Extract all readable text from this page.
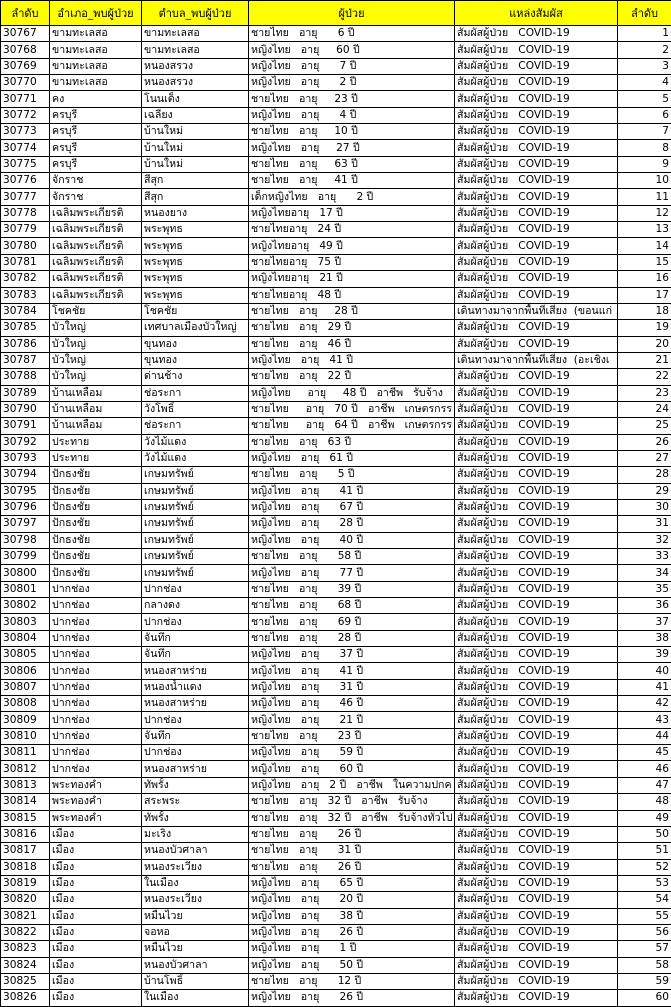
ลำดับ	อำเภอ_พบผู้ป่วย	ตำบล_พบผู้ป่วย	ผู้ป่วย	แหล่งสัมผัส	ลำดับ
30767	ขามทะเลสอ	ขามทะเลสอ	ชายไทย   อายุ      6 ปี	สัมผัสผู้ป่วย   COVID-19	1
30768	ขามทะเลสอ	ขามทะเลสอ	หญิงไทย   อายุ     60 ปี	สัมผัสผู้ป่วย   COVID-19	2
30769	ขามทะเลสอ	หนองสรวง	หญิงไทย   อายุ      7 ปี	สัมผัสผู้ป่วย   COVID-19	3
30770	ขามทะเลสอ	หนองสรวง	หญิงไทย   อายุ      2 ปี	สัมผัสผู้ป่วย   COVID-19	4
30771	คง	โนนเต็ง	ชายไทย   อายุ     23 ปี	สัมผัสผู้ป่วย   COVID-19	5
30772	ครบุรี	เฉลียง	หญิงไทย   อายุ      4 ปี	สัมผัสผู้ป่วย   COVID-19	6
30773	ครบุรี	บ้านใหม่	ชายไทย   อายุ     10 ปี	สัมผัสผู้ป่วย   COVID-19	7
30774	ครบุรี	บ้านใหม่	หญิงไทย   อายุ     27 ปี	สัมผัสผู้ป่วย   COVID-19	8
30775	ครบุรี	บ้านใหม่	ชายไทย   อายุ     63 ปี	สัมผัสผู้ป่วย   COVID-19	9
30776	จักราช	สีสุก	ชายไทย   อายุ     41 ปี	สัมผัสผู้ป่วย   COVID-19	10
30777	จักราช	สีสุก	เด็กหญิงไทย   อายุ      2 ปี	สัมผัสผู้ป่วย   COVID-19	11
30778	เฉลิมพระเกียรติ	หนองยาง	หญิงไทยอายุ   17 ปี	สัมผัสผู้ป่วย   COVID-19	12
30779	เฉลิมพระเกียรติ	พระพุทธ	ชายไทยอายุ   24 ปี	สัมผัสผู้ป่วย   COVID-19	13
30780	เฉลิมพระเกียรติ	พระพุทธ	หญิงไทยอายุ   49 ปี	สัมผัสผู้ป่วย   COVID-19	14
30781	เฉลิมพระเกียรติ	พระพุทธ	ชายไทยอายุ   75 ปี	สัมผัสผู้ป่วย   COVID-19	15
30782	เฉลิมพระเกียรติ	พระพุทธ	หญิงไทยอายุ   21 ปี	สัมผัสผู้ป่วย   COVID-19	16
30783	เฉลิมพระเกียรติ	พระพุทธ	ชายไทยอายุ   48 ปี	สัมผัสผู้ป่วย   COVID-19	17
30784	โชคชัย	โชคชัย	ชายไทย   อายุ     28 ปี	เดินทางมาจากพื้นที่เสี่ยง  (ขอนแก่	18
30785	บัวใหญ่	เทศบาลเมืองบัวใหญ่	ชายไทย   อายุ   29 ปี	สัมผัสผู้ป่วย   COVID-19	19
30786	บัวใหญ่	ขุนทอง	ชายไทย   อายุ   46 ปี	สัมผัสผู้ป่วย   COVID-19	20
30787	บัวใหญ่	ขุนทอง	หญิงไทย   อายุ   41 ปี	เดินทางมาจากพื้นที่เสี่ยง  (อะเชิงเ	21
30788	บัวใหญ่	ด่านช้าง	ชายไทย   อายุ   22 ปี	สัมผัสผู้ป่วย   COVID-19	22
30789	บ้านเหลื่อม	ช่อระกา	หญิงไทย     อายุ     48 ปี   อาชีพ   รับจ้าง	สัมผัสผู้ป่วย   COVID-19	23
30790	บ้านเหลื่อม	วังโพธิ์	ชายไทย     อายุ   70 ปี   อาชีพ   เกษตรกรร	สัมผัสผู้ป่วย   COVID-19	24
30791	บ้านเหลื่อม	ช่อระกา	ชายไทย     อายุ   64 ปี   อาชีพ   เกษตรกรร	สัมผัสผู้ป่วย   COVID-19	25
30792	ประทาย	วังไม้แดง	ชายไทย   อายุ   63 ปี	สัมผัสผู้ป่วย   COVID-19	26
30793	ประทาย	วังไม้แดง	หญิงไทย   อายุ   61 ปี	สัมผัสผู้ป่วย   COVID-19	27
30794	ปักธงชัย	เกษมทรัพย์	ชายไทย   อายุ      5 ปี	สัมผัสผู้ป่วย   COVID-19	28
30795	ปักธงชัย	เกษมทรัพย์	หญิงไทย   อายุ      41 ปี	สัมผัสผู้ป่วย   COVID-19	29
30796	ปักธงชัย	เกษมทรัพย์	หญิงไทย   อายุ      67 ปี	สัมผัสผู้ป่วย   COVID-19	30
30797	ปักธงชัย	เกษมทรัพย์	หญิงไทย   อายุ      28 ปี	สัมผัสผู้ป่วย   COVID-19	31
30798	ปักธงชัย	เกษมทรัพย์	หญิงไทย   อายุ      40 ปี	สัมผัสผู้ป่วย   COVID-19	32
30799	ปักธงชัย	เกษมทรัพย์	ชายไทย   อายุ      58 ปี	สัมผัสผู้ป่วย   COVID-19	33
30800	ปักธงชัย	เกษมทรัพย์	หญิงไทย   อายุ      77 ปี	สัมผัสผู้ป่วย   COVID-19	34
30801	ปากช่อง	ปากช่อง	ชายไทย   อายุ      39 ปี	สัมผัสผู้ป่วย   COVID-19	35
30802	ปากช่อง	กลางดง	ชายไทย   อายุ      68 ปี	สัมผัสผู้ป่วย   COVID-19	36
30803	ปากช่อง	ปากช่อง	ชายไทย   อายุ      69 ปี	สัมผัสผู้ป่วย   COVID-19	37
30804	ปากช่อง	จันทึก	ชายไทย   อายุ      28 ปี	สัมผัสผู้ป่วย   COVID-19	38
30805	ปากช่อง	จันทึก	หญิงไทย   อายุ      37 ปี	สัมผัสผู้ป่วย   COVID-19	39
30806	ปากช่อง	หนองสาหร่าย	หญิงไทย   อายุ      41 ปี	สัมผัสผู้ป่วย   COVID-19	40
30807	ปากช่อง	หนองน้ำแดง	หญิงไทย   อายุ      31 ปี	สัมผัสผู้ป่วย   COVID-19	41
30808	ปากช่อง	หนองสาหร่าย	หญิงไทย   อายุ      46 ปี	สัมผัสผู้ป่วย   COVID-19	42
30809	ปากช่อง	ปากช่อง	หญิงไทย   อายุ      21 ปี	สัมผัสผู้ป่วย   COVID-19	43
30810	ปากช่อง	จันทึก	ชายไทย   อายุ      23 ปี	สัมผัสผู้ป่วย   COVID-19	44
30811	ปากช่อง	ปากช่อง	หญิงไทย   อายุ      59 ปี	สัมผัสผู้ป่วย   COVID-19	45
30812	ปากช่อง	หนองสาหร่าย	หญิงไทย   อายุ      60 ปี	สัมผัสผู้ป่วย   COVID-19	46
30813	พระทองคำ	ทัพรั้ง	หญิงไทย   อายุ   2 ปี   อาชีพ   ในความปกค	สัมผัสผู้ป่วย   COVID-19	47
30814	พระทองคำ	สระพระ	ชายไทย   อายุ   32 ปี   อาชีพ   รับจ้าง	สัมผัสผู้ป่วย   COVID-19	48
30815	พระทองคำ	ทัพรั้ง	ชายไทย   อายุ   32 ปี   อาชีพ   รับจ้างทั่วไป	สัมผัสผู้ป่วย   COVID-19	49
30816	เมือง	มะเริง	ชายไทย   อายุ      26 ปี	สัมผัสผู้ป่วย   COVID-19	50
30817	เมือง	หนองบัวศาลา	ชายไทย   อายุ      31 ปี	สัมผัสผู้ป่วย   COVID-19	51
30818	เมือง	หนองระเวียง	ชายไทย   อายุ      26 ปี	สัมผัสผู้ป่วย   COVID-19	52
30819	เมือง	ในเมือง	หญิงไทย   อายุ      65 ปี	สัมผัสผู้ป่วย   COVID-19	53
30820	เมือง	หนองระเวียง	หญิงไทย   อายุ      20 ปี	สัมผัสผู้ป่วย   COVID-19	54
30821	เมือง	หมื่นไวย	หญิงไทย   อายุ      38 ปี	สัมผัสผู้ป่วย   COVID-19	55
30822	เมือง	จอหอ	หญิงไทย   อายุ      26 ปี	สัมผัสผู้ป่วย   COVID-19	56
30823	เมือง	หมื่นไวย	หญิงไทย   อายุ      1 ปี	สัมผัสผู้ป่วย   COVID-19	57
30824	เมือง	หนองบัวศาลา	หญิงไทย   อายุ      50 ปี	สัมผัสผู้ป่วย   COVID-19	58
30825	เมือง	บ้านโพธิ์	ชายไทย   อายุ      12 ปี	สัมผัสผู้ป่วย   COVID-19	59
30826	เมือง	ในเมือง	หญิงไทย   อายุ      26 ปี	สัมผัสผู้ป่วย   COVID-19	60
